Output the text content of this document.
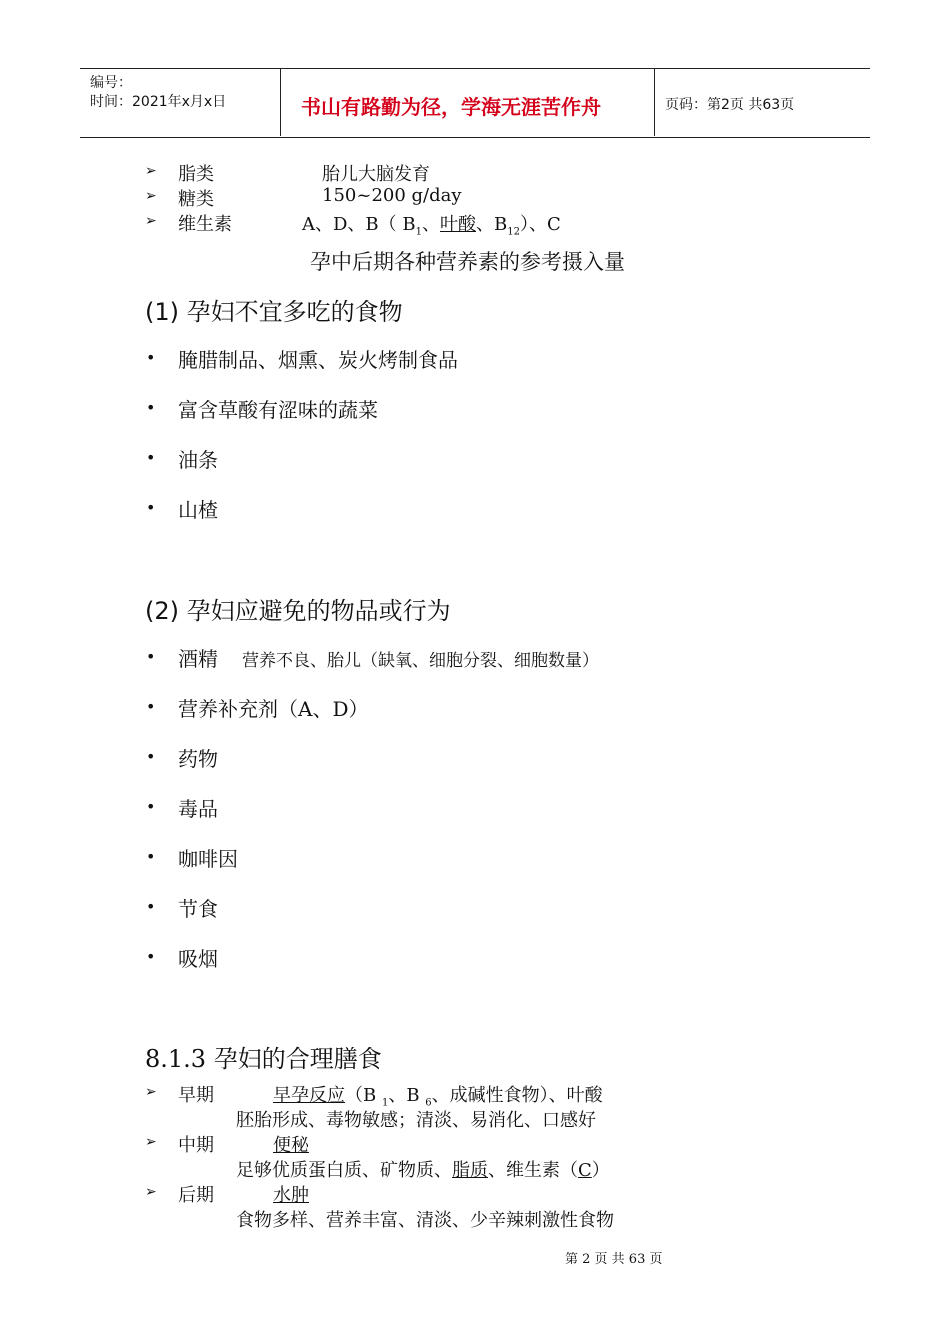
编号：
时间：2021年x月x日	书山有路勤为径，学海无涯苦作舟	页码：第2页 共63页
➢ 脂类	胎儿大脑发育
➢ 糖类	150~200 g/day
➢ 维生素	A、D、B（ $B_1$、叶酸、$B_{12}$）、C
孕中后期各种营养素的参考摄入量
(1) 孕妇不宜多吃的食物
• 腌腊制品、烟熏、炭火烤制食品
• 富含草酸有涩味的蔬菜
• 油条
• 山楂
(2) 孕妇应避免的物品或行为
• 酒精 营养不良、胎儿（缺氧、细胞分裂、细胞数量）
• 营养补充剂（A、D）
• 药物
• 毒品
• 咖啡因
• 节食
• 吸烟
8.1.3 孕妇的合理膳食
➢ 早期	早孕反应（B $_1$、B $_6$、成碱性食物）、叶酸
胚胎形成、毒物敏感；清淡、易消化、口感好
➢ 中期	便秘
足够优质蛋白质、矿物质、脂质、维生素（C）
➢ 后期	水肿
食物多样、营养丰富、清淡、少辛辣刺激性食物
第 2 页 共 63 页
